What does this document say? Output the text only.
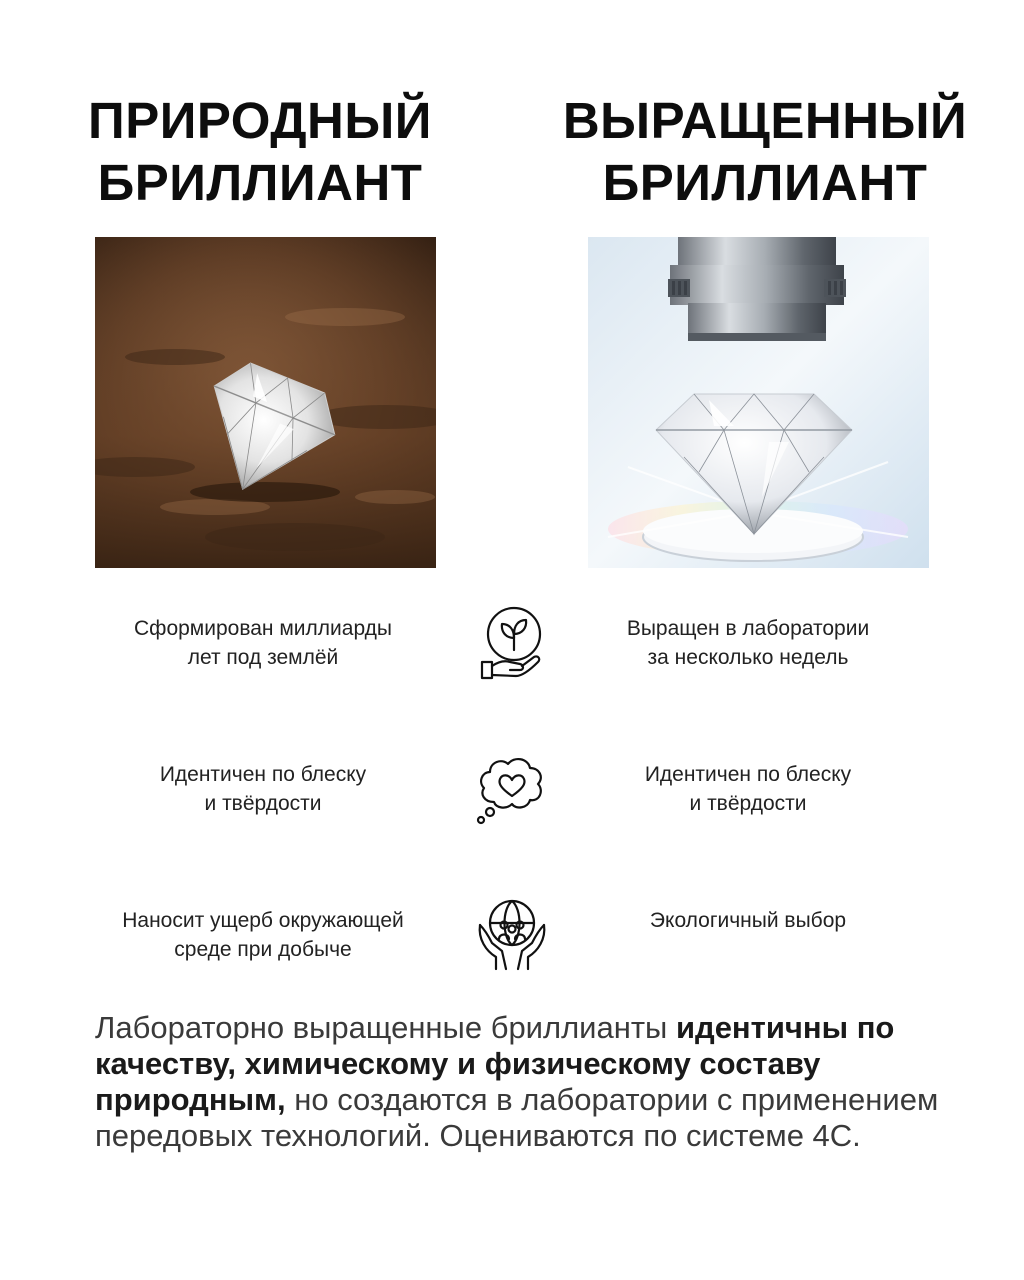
ПРИРОДНЫЙ
БРИЛЛИАНТ
ВЫРАЩЕННЫЙ
БРИЛЛИАНТ
Сформирован миллиарды
лет под землёй
Выращен в лаборатории
за несколько недель
Идентичен по блеску
и твёрдости
Идентичен по блеску
и твёрдости
Наносит ущерб окружающей
среде при добыче
Экологичный выбор

Лабораторно выращенные бриллианты идентичны по качеству, химическому и физическому составу природным, но создаются в лаборатории с применением передовых технологий. Оцениваются по системе 4С.
